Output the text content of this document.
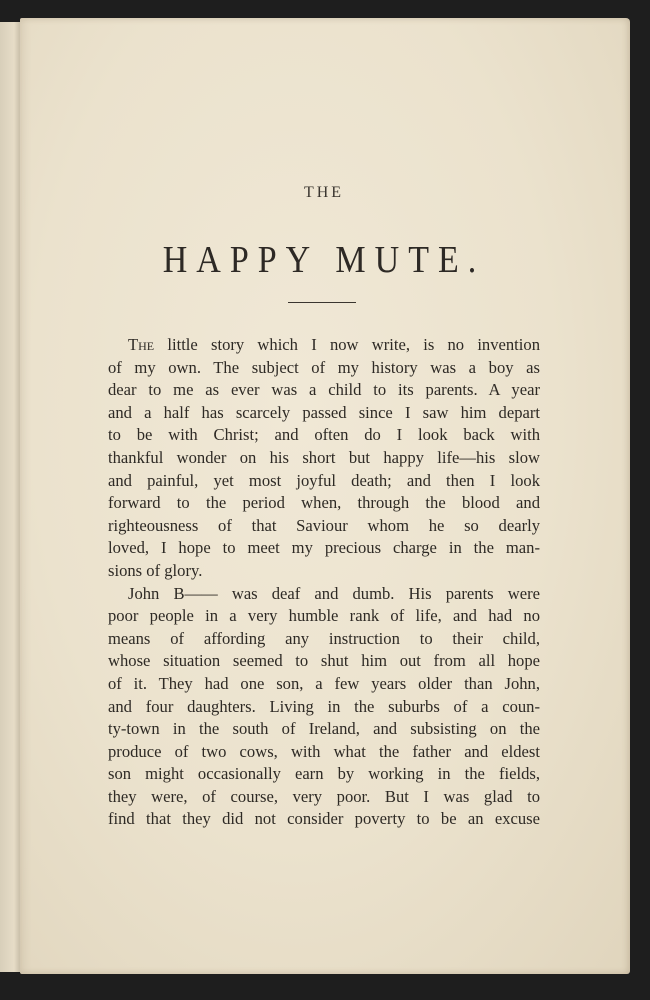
THE
HAPPY MUTE.
The little story which I now write, is no invention
of my own. The subject of my history was a boy as
dear to me as ever was a child to its parents. A year
and a half has scarcely passed since I saw him depart
to be with Christ; and often do I look back with
thankful wonder on his short but happy life—his slow
and painful, yet most joyful death; and then I look
forward to the period when, through the blood and
righteousness of that Saviour whom he so dearly
loved, I hope to meet my precious charge in the man-
sions of glory.
John B—— was deaf and dumb. His parents were
poor people in a very humble rank of life, and had no
means of affording any instruction to their child,
whose situation seemed to shut him out from all hope
of it. They had one son, a few years older than John,
and four daughters. Living in the suburbs of a coun-
ty-town in the south of Ireland, and subsisting on the
produce of two cows, with what the father and eldest
son might occasionally earn by working in the fields,
they were, of course, very poor. But I was glad to
find that they did not consider poverty to be an excuse
